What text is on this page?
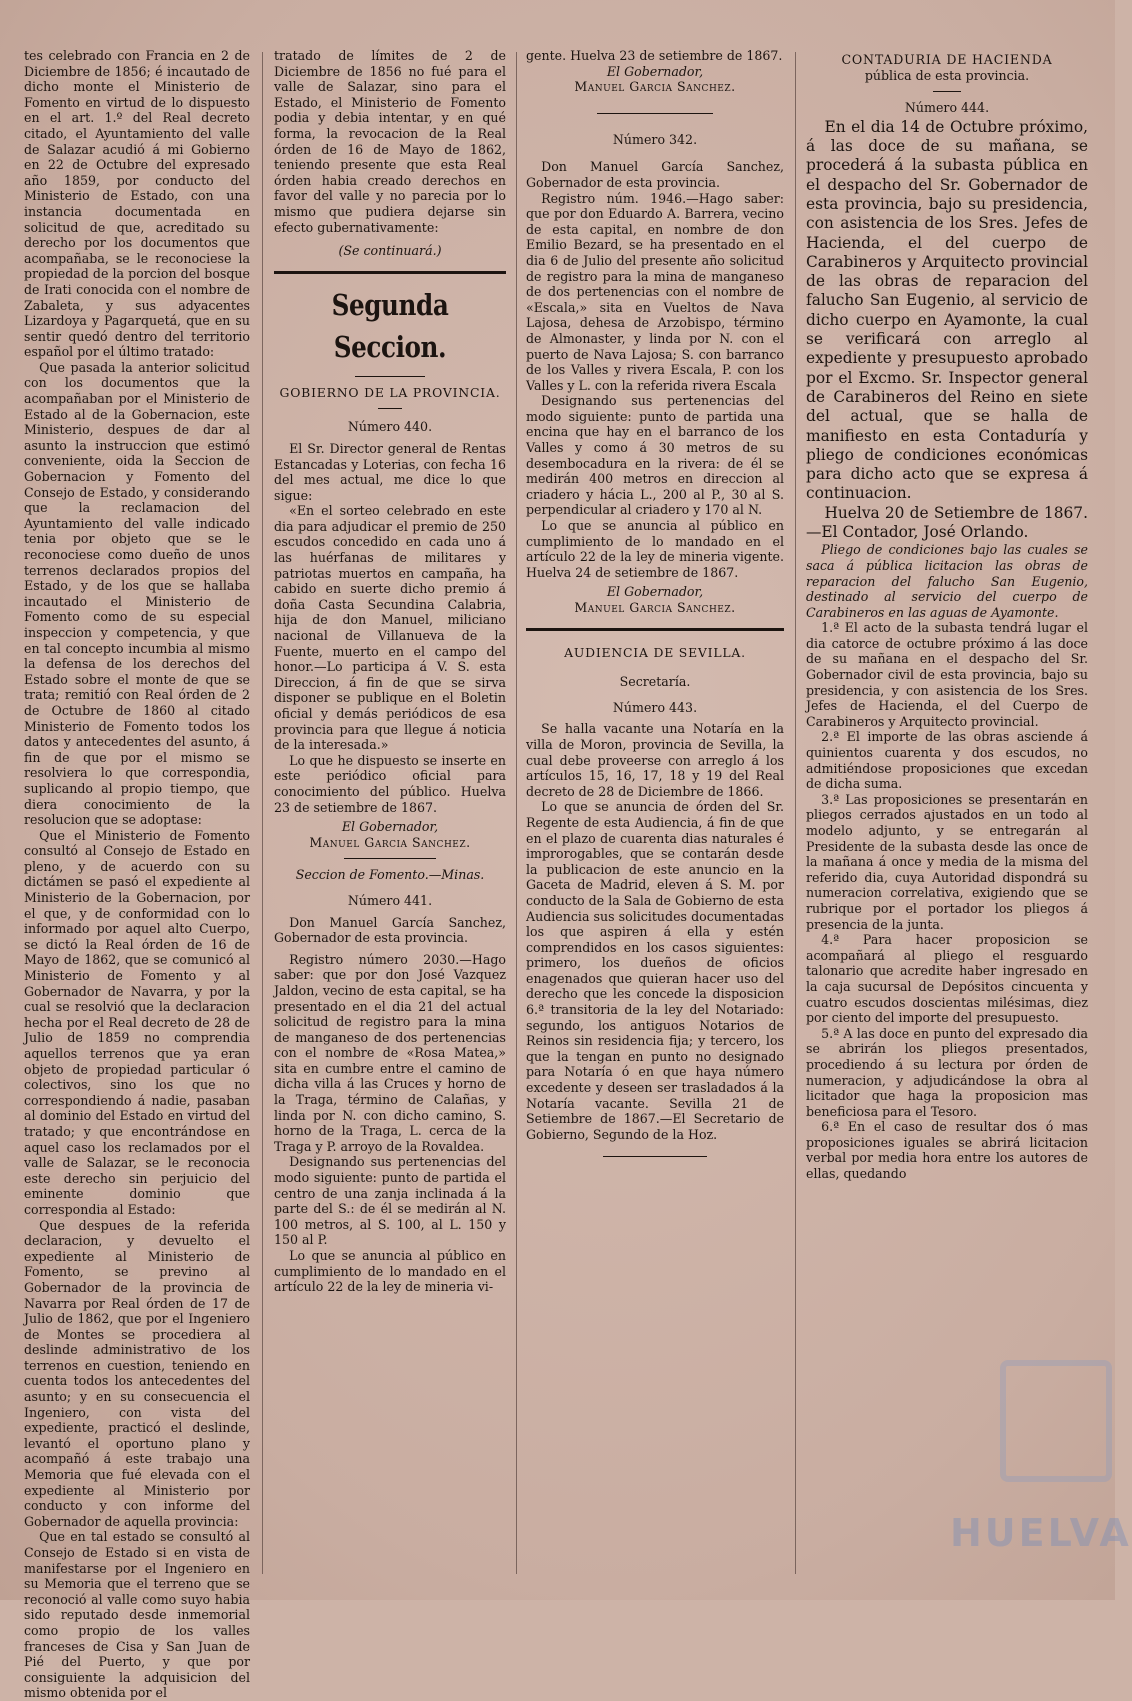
tes celebrado con Francia en 2 de Diciembre de 1856; é incautado de dicho monte el Ministerio de Fomento en virtud de lo dispuesto en el art. 1.º del Real decreto citado, el Ayuntamiento del valle de Salazar acudió á mi Gobierno en 22 de Octubre del expresado año 1859, por conducto del Ministerio de Estado, con una instancia documentada en solicitud de que, acreditado su derecho por los documentos que acompañaba, se le reconociese la propiedad de la porcion del bosque de Irati conocida con el nombre de Zabaleta, y sus adyacentes Lizardoya y Pagarquetá, que en su sentir quedó dentro del territorio español por el último tratado:

Que pasada la anterior solicitud con los documentos que la acompañaban por el Ministerio de Estado al de la Gobernacion, este Ministerio, despues de dar al asunto la instruccion que estimó conveniente, oida la Seccion de Gobernacion y Fomento del Consejo de Estado, y considerando que la reclamacion del Ayuntamiento del valle indicado tenia por objeto que se le reconociese como dueño de unos terrenos declarados propios del Estado, y de los que se hallaba incautado el Ministerio de Fomento como de su especial inspeccion y competencia, y que en tal concepto incumbia al mismo la defensa de los derechos del Estado sobre el monte de que se trata; remitió con Real órden de 2 de Octubre de 1860 al citado Ministerio de Fomento todos los datos y antecedentes del asunto, á fin de que por el mismo se resolviera lo que correspondia, suplicando al propio tiempo, que diera conocimiento de la resolucion que se adoptase:

Que el Ministerio de Fomento consultó al Consejo de Estado en pleno, y de acuerdo con su dictámen se pasó el expediente al Ministerio de la Gobernacion, por el que, y de conformidad con lo informado por aquel alto Cuerpo, se dictó la Real órden de 16 de Mayo de 1862, que se comunicó al Ministerio de Fomento y al Gobernador de Navarra, y por la cual se resolvió que la declaracion hecha por el Real decreto de 28 de Julio de 1859 no comprendia aquellos terrenos que ya eran objeto de propiedad particular ó colectivos, sino los que no correspondiendo á nadie, pasaban al dominio del Estado en virtud del tratado; y que encontrándose en aquel caso los reclamados por el valle de Salazar, se le reconocia este derecho sin perjuicio del eminente dominio que correspondia al Estado:

Que despues de la referida declaracion, y devuelto el expediente al Ministerio de Fomento, se previno al Gobernador de la provincia de Navarra por Real órden de 17 de Julio de 1862, que por el Ingeniero de Montes se procediera al deslinde administrativo de los terrenos en cuestion, teniendo en cuenta todos los antecedentes del asunto; y en su consecuencia el Ingeniero, con vista del expediente, practicó el deslinde, levantó el oportuno plano y acompañó á este trabajo una Memoria que fué elevada con el expediente al Ministerio por conducto y con informe del Gobernador de aquella provincia:

Que en tal estado se consultó al Consejo de Estado si en vista de manifestarse por el Ingeniero en su Memoria que el terreno que se reconoció al valle como suyo habia sido reputado desde inmemorial como propio de los valles franceses de Cisa y San Juan de Pié del Puerto, y que por consiguiente la adquisicion del mismo obtenida por el

tratado de límites de 2 de Diciembre de 1856 no fué para el valle de Salazar, sino para el Estado, el Ministerio de Fomento podia y debia intentar, y en qué forma, la revocacion de la Real órden de 16 de Mayo de 1862, teniendo presente que esta Real órden habia creado derechos en favor del valle y no parecia por lo mismo que pudiera dejarse sin efecto gubernativamente:

(Se continuará.)

Segunda Seccion.
GOBIERNO DE LA PROVINCIA.
Número 440.

El Sr. Director general de Rentas Estancadas y Loterias, con fecha 16 del mes actual, me dice lo que sigue:

«En el sorteo celebrado en este dia para adjudicar el premio de 250 escudos concedido en cada uno á las huérfanas de militares y patriotas muertos en campaña, ha cabido en suerte dicho premio á doña Casta Secundina Calabria, hija de don Manuel, miliciano nacional de Villanueva de la Fuente, muerto en el campo del honor.—Lo participa á V. S. esta Direccion, á fin de que se sirva disponer se publique en el Boletin oficial y demás periódicos de esa provincia para que llegue á noticia de la interesada.»

Lo que he dispuesto se inserte en este periódico oficial para conocimiento del público. Huelva 23 de setiembre de 1867.

El Gobernador,
Manuel Garcia Sanchez.

Seccion de Fomento.—Minas.

Número 441.

Don Manuel García Sanchez, Gobernador de esta provincia.

Registro número 2030.—Hago saber: que por don José Vazquez Jaldon, vecino de esta capital, se ha presentado en el dia 21 del actual solicitud de registro para la mina de manganeso de dos pertenencias con el nombre de «Rosa Matea,» sita en cumbre entre el camino de dicha villa á las Cruces y horno de la Traga, término de Calañas, y linda por N. con dicho camino, S. horno de la Traga, L. cerca de la Traga y P. arroyo de la Rovaldea.

Designando sus pertenencias del modo siguiente: punto de partida el centro de una zanja inclinada á la parte del S.: de él se medirán al N. 100 metros, al S. 100, al L. 150 y 150 al P.

Lo que se anuncia al público en cumplimiento de lo mandado en el artículo 22 de la ley de mineria vi-

gente. Huelva 23 de setiembre de 1867.

El Gobernador,
Manuel Garcia Sanchez.
Número 342.

Don Manuel García Sanchez, Gobernador de esta provincia.

Registro núm. 1946.—Hago saber: que por don Eduardo A. Barrera, vecino de esta capital, en nombre de don Emilio Bezard, se ha presentado en el dia 6 de Julio del presente año solicitud de registro para la mina de manganeso de dos pertenencias con el nombre de «Escala,» sita en Vueltos de Nava Lajosa, dehesa de Arzobispo, término de Almonaster, y linda por N. con el puerto de Nava Lajosa; S. con barranco de los Valles y rivera Escala, P. con los Valles y L. con la referida rivera Escala

Designando sus pertenencias del modo siguiente: punto de partida una encina que hay en el barranco de los Valles y como á 30 metros de su desembocadura en la rivera: de él se medirán 400 metros en direccion al criadero y hácia L., 200 al P., 30 al S. perpendicular al criadero y 170 al N.

Lo que se anuncia al público en cumplimiento de lo mandado en el artículo 22 de la ley de mineria vigente. Huelva 24 de setiembre de 1867.

El Gobernador,
Manuel Garcia Sanchez.
AUDIENCIA DE SEVILLA.
Secretaría.
Número 443.

Se halla vacante una Notaría en la villa de Moron, provincia de Sevilla, la cual debe proveerse con arreglo á los artículos 15, 16, 17, 18 y 19 del Real decreto de 28 de Diciembre de 1866.

Lo que se anuncia de órden del Sr. Regente de esta Audiencia, á fin de que en el plazo de cuarenta dias naturales é improrogables, que se contarán desde la publicacion de este anuncio en la Gaceta de Madrid, eleven á S. M. por conducto de la Sala de Gobierno de esta Audiencia sus solicitudes documentadas los que aspiren á ella y estén comprendidos en los casos siguientes: primero, los dueños de oficios enagenados que quieran hacer uso del derecho que les concede la disposicion 6.ª transitoria de la ley del Notariado: segundo, los antiguos Notarios de Reinos sin residencia fija; y tercero, los que la tengan en punto no designado para Notaría ó en que haya número excedente y deseen ser trasladados á la Notaría vacante. Sevilla 21 de Setiembre de 1867.—El Secretario de Gobierno, Segundo de la Hoz.

CONTADURIA DE HACIENDA
pública de esta provincia.
Número 444.

En el dia 14 de Octubre próximo, á las doce de su mañana, se procederá á la subasta pública en el despacho del Sr. Gobernador de esta provincia, bajo su presidencia, con asistencia de los Sres. Jefes de Hacienda, el del cuerpo de Carabineros y Arquitecto provincial de las obras de reparacion del falucho San Eugenio, al servicio de dicho cuerpo en Ayamonte, la cual se verificará con arreglo al expediente y presupuesto aprobado por el Excmo. Sr. Inspector general de Carabineros del Reino en siete del actual, que se halla de manifiesto en esta Contaduría y pliego de condiciones económicas para dicho acto que se expresa á continuacion.

Huelva 20 de Setiembre de 1867.—El Contador, José Orlando.

Pliego de condiciones bajo las cuales se saca á pública licitacion las obras de reparacion del falucho San Eugenio, destinado al servicio del cuerpo de Carabineros en las aguas de Ayamonte.

1.ª El acto de la subasta tendrá lugar el dia catorce de octubre próximo á las doce de su mañana en el despacho del Sr. Gobernador civil de esta provincia, bajo su presidencia, y con asistencia de los Sres. Jefes de Hacienda, el del Cuerpo de Carabineros y Arquitecto provincial.

2.ª El importe de las obras asciende á quinientos cuarenta y dos escudos, no admitiéndose proposiciones que excedan de dicha suma.

3.ª Las proposiciones se presentarán en pliegos cerrados ajustados en un todo al modelo adjunto, y se entregarán al Presidente de la subasta desde las once de la mañana á once y media de la misma del referido dia, cuya Autoridad dispondrá su numeracion correlativa, exigiendo que se rubrique por el portador los pliegos á presencia de la junta.

4.ª Para hacer proposicion se acompañará al pliego el resguardo talonario que acredite haber ingresado en la caja sucursal de Depósitos cincuenta y cuatro escudos doscientas milésimas, diez por ciento del importe del presupuesto.

5.ª A las doce en punto del expresado dia se abrirán los pliegos presentados, procediendo á su lectura por órden de numeracion, y adjudicándose la obra al licitador que haga la proposicion mas beneficiosa para el Tesoro.

6.ª En el caso de resultar dos ó mas proposiciones iguales se abrirá licitacion verbal por media hora entre los autores de ellas, quedando

HUELVA
